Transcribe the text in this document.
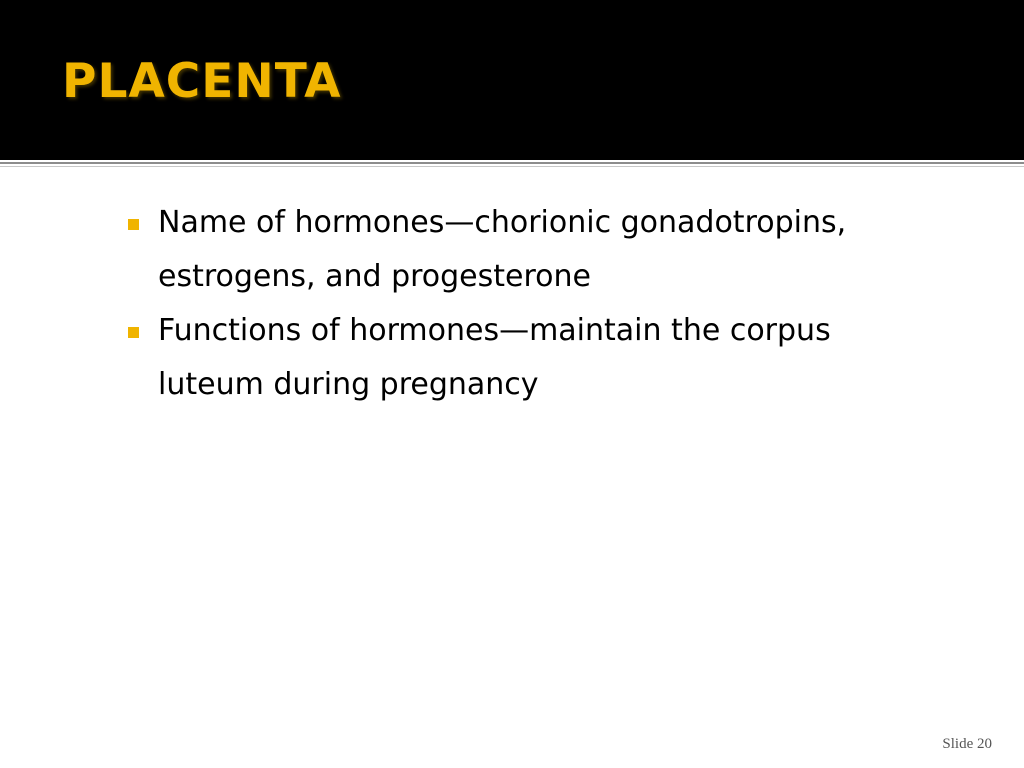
PLACENTA
Name of hormones—chorionic gonadotropins, estrogens, and progesterone
Functions of hormones—maintain the corpus luteum during pregnancy
Slide 20
